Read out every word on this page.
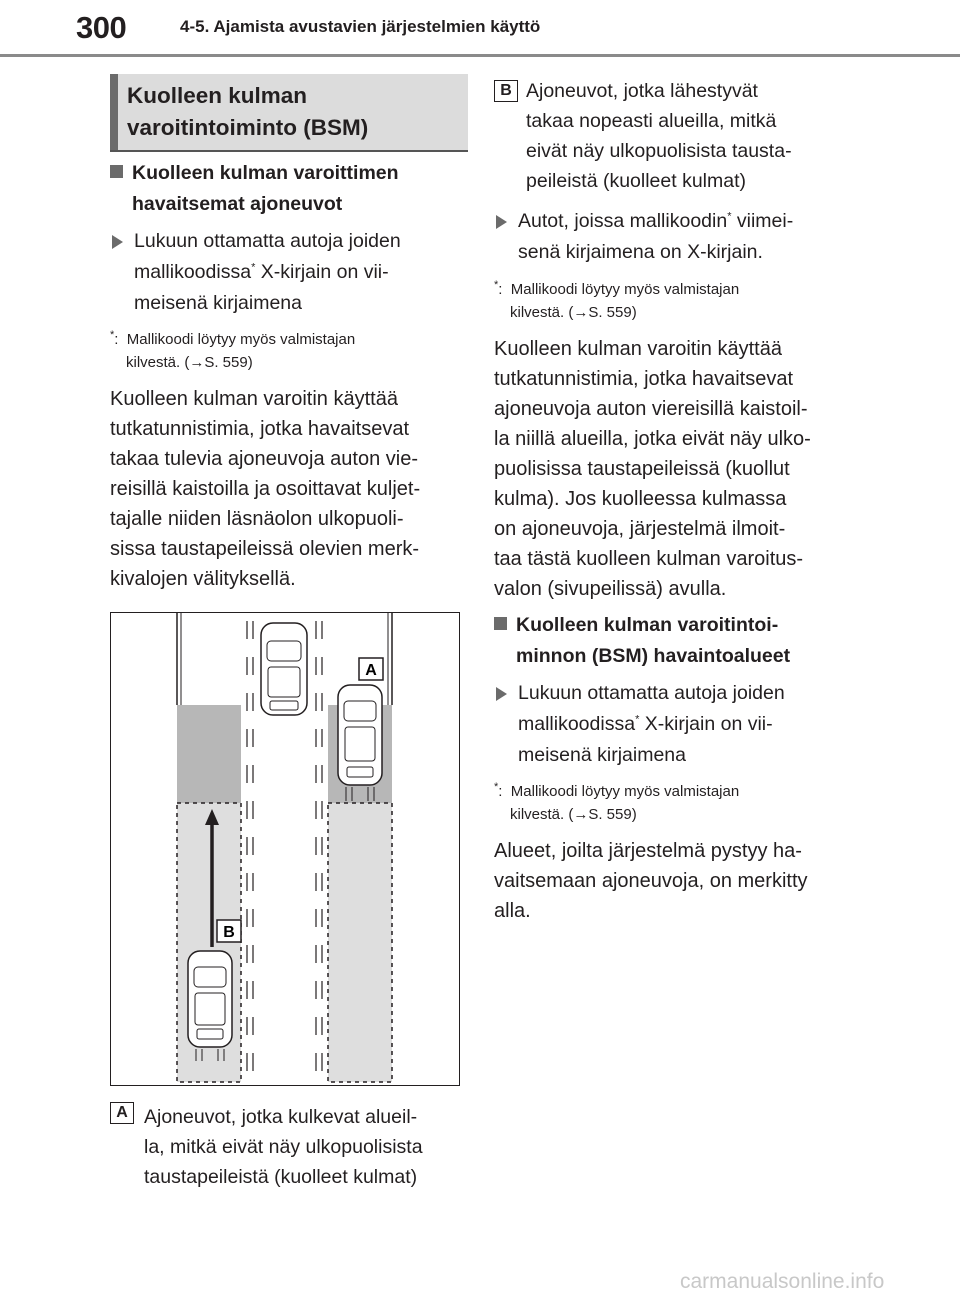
300	4-5. Ajamista avustavien järjestelmien käyttö
Kuolleen kulman
varoitintoiminto (BSM)
Kuolleen kulman varoittimen
havaitsemat ajoneuvot
Lukuun ottamatta autoja joiden
mallikoodissa* X-kirjain on vii-
meisenä kirjaimena
*: Mallikoodi löytyy myös valmistajan
kilvestä. (→S. 559)
Kuolleen kulman varoitin käyttää
tutkatunnistimia, jotka havaitsevat
takaa tulevia ajoneuvoja auton vie-
reisillä kaistoilla ja osoittavat kuljet-
tajalle niiden läsnäolon ulkopuoli-
sissa taustapeileissä olevien merk-
kivalojen välityksellä.
A
B
A Ajoneuvot, jotka kulkevat alueil-
la, mitkä eivät näy ulkopuolisista
taustapeileistä (kuolleet kulmat)
B Ajoneuvot, jotka lähestyvät
takaa nopeasti alueilla, mitkä
eivät näy ulkopuolisista tausta-
peileistä (kuolleet kulmat)
Autot, joissa mallikoodin* viimei-
senä kirjaimena on X-kirjain.
*: Mallikoodi löytyy myös valmistajan
kilvestä. (→S. 559)
Kuolleen kulman varoitin käyttää
tutkatunnistimia, jotka havaitsevat
ajoneuvoja auton viereisillä kaistoil-
la niillä alueilla, jotka eivät näy ulko-
puolisissa taustapeileissä (kuollut
kulma). Jos kuolleessa kulmassa
on ajoneuvoja, järjestelmä ilmoit-
taa tästä kuolleen kulman varoitus-
valon (sivupeilissä) avulla.
Kuolleen kulman varoitintoi-
minnon (BSM) havaintoalueet
Lukuun ottamatta autoja joiden
mallikoodissa* X-kirjain on vii-
meisenä kirjaimena
*: Mallikoodi löytyy myös valmistajan
kilvestä. (→S. 559)
Alueet, joilta järjestelmä pystyy ha-
vaitsemaan ajoneuvoja, on merkitty
alla.
carmanualsonline.info
